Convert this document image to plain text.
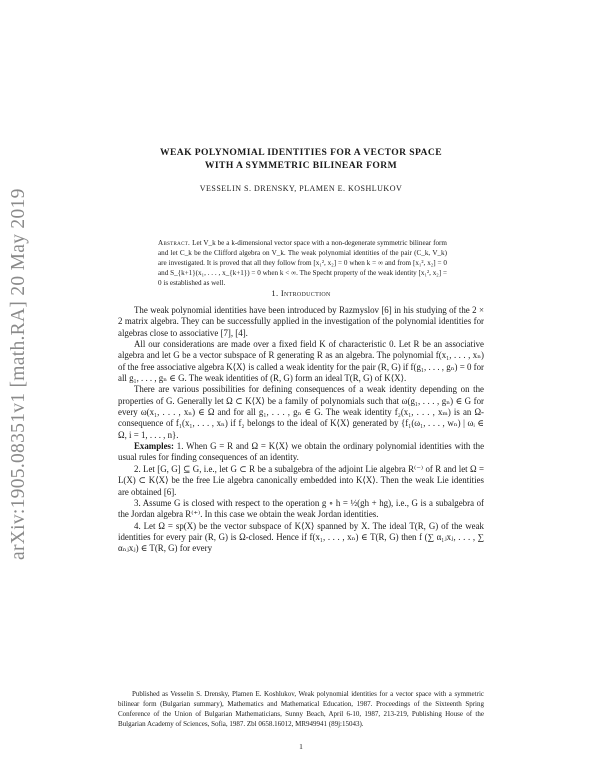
arXiv:1905.08351v1 [math.RA] 20 May 2019
WEAK POLYNOMIAL IDENTITIES FOR A VECTOR SPACE
WITH A SYMMETRIC BILINEAR FORM
VESSELIN S. DRENSKY, PLAMEN E. KOSHLUKOV
Abstract. Let V_k be a k-dimensional vector space with a non-degenerate symmetric bilinear form and let C_k be the Clifford algebra on V_k. The weak polynomial identities of the pair (C_k, V_k) are investigated. It is proved that all they follow from [x₁², x₂] = 0 when k = ∞ and from [x₁², x₂] = 0 and S_{k+1}(x₁, . . . , x_{k+1}) = 0 when k < ∞. The Specht property of the weak identity [x₁², x₂] = 0 is established as well.
1. Introduction

The weak polynomial identities have been introduced by Razmyslov [6] in his studying of the 2 × 2 matrix algebra. They can be successfully applied in the investigation of the polynomial identities for algebras close to associative [7], [4].

All our considerations are made over a fixed field K of characteristic 0. Let R be an associative algebra and let G be a vector subspace of R generating R as an algebra. The polynomial f(x₁, . . . , xₙ) of the free associative algebra K⟨X⟩ is called a weak identity for the pair (R, G) if f(g₁, . . . , gₙ) = 0 for all g₁, . . . , gₙ ∈ G. The weak identities of (R, G) form an ideal T(R, G) of K⟨X⟩.

There are various possibilities for defining consequences of a weak identity depending on the properties of G. Generally let Ω ⊂ K⟨X⟩ be a family of polynomials such that ω(g₁, . . . , gₙ) ∈ G for every ω(x₁, . . . , xₙ) ∈ Ω and for all g₁, . . . , gₙ ∈ G. The weak identity f₂(x₁, . . . , xₘ) is an Ω-consequence of f₁(x₁, . . . , xₙ) if f₂ belongs to the ideal of K⟨X⟩ generated by {f₁(ω₁, . . . , wₙ) | ωᵢ ∈ Ω, i = 1, . . . , n}.

Examples: 1. When G = R and Ω = K⟨X⟩ we obtain the ordinary polynomial identities with the usual rules for finding consequences of an identity.

2. Let [G, G] ⊆ G, i.e., let G ⊂ R be a subalgebra of the adjoint Lie algebra R⁽⁻⁾ of R and let Ω = L(X) ⊂ K⟨X⟩ be the free Lie algebra canonically embedded into K⟨X⟩. Then the weak Lie identities are obtained [6].

3. Assume G is closed with respect to the operation g ∘ h = ½(gh + hg), i.e., G is a subalgebra of the Jordan algebra R⁽⁺⁾. In this case we obtain the weak Jordan identities.

4. Let Ω = sp(X) be the vector subspace of K⟨X⟩ spanned by X. The ideal T(R, G) of the weak identities for every pair (R, G) is Ω-closed. Hence if f(x₁, . . . , xₙ) ∈ T(R, G) then f (∑ α₁ⱼxⱼ, . . . , ∑ αₙⱼxⱼ) ∈ T(R, G) for every

Published as Vesselin S. Drensky, Plamen E. Koshlukov, Weak polynomial identities for a vector space with a symmetric bilinear form (Bulgarian summary), Mathematics and Mathematical Education, 1987. Proceedings of the Sixteenth Spring Conference of the Union of Bulgarian Mathematicians, Sunny Beach, April 6-10, 1987, 213-219, Publishing House of the Bulgarian Academy of Sciences, Sofia, 1987. Zbl 0658.16012, MR949941 (89j:15043).
1
